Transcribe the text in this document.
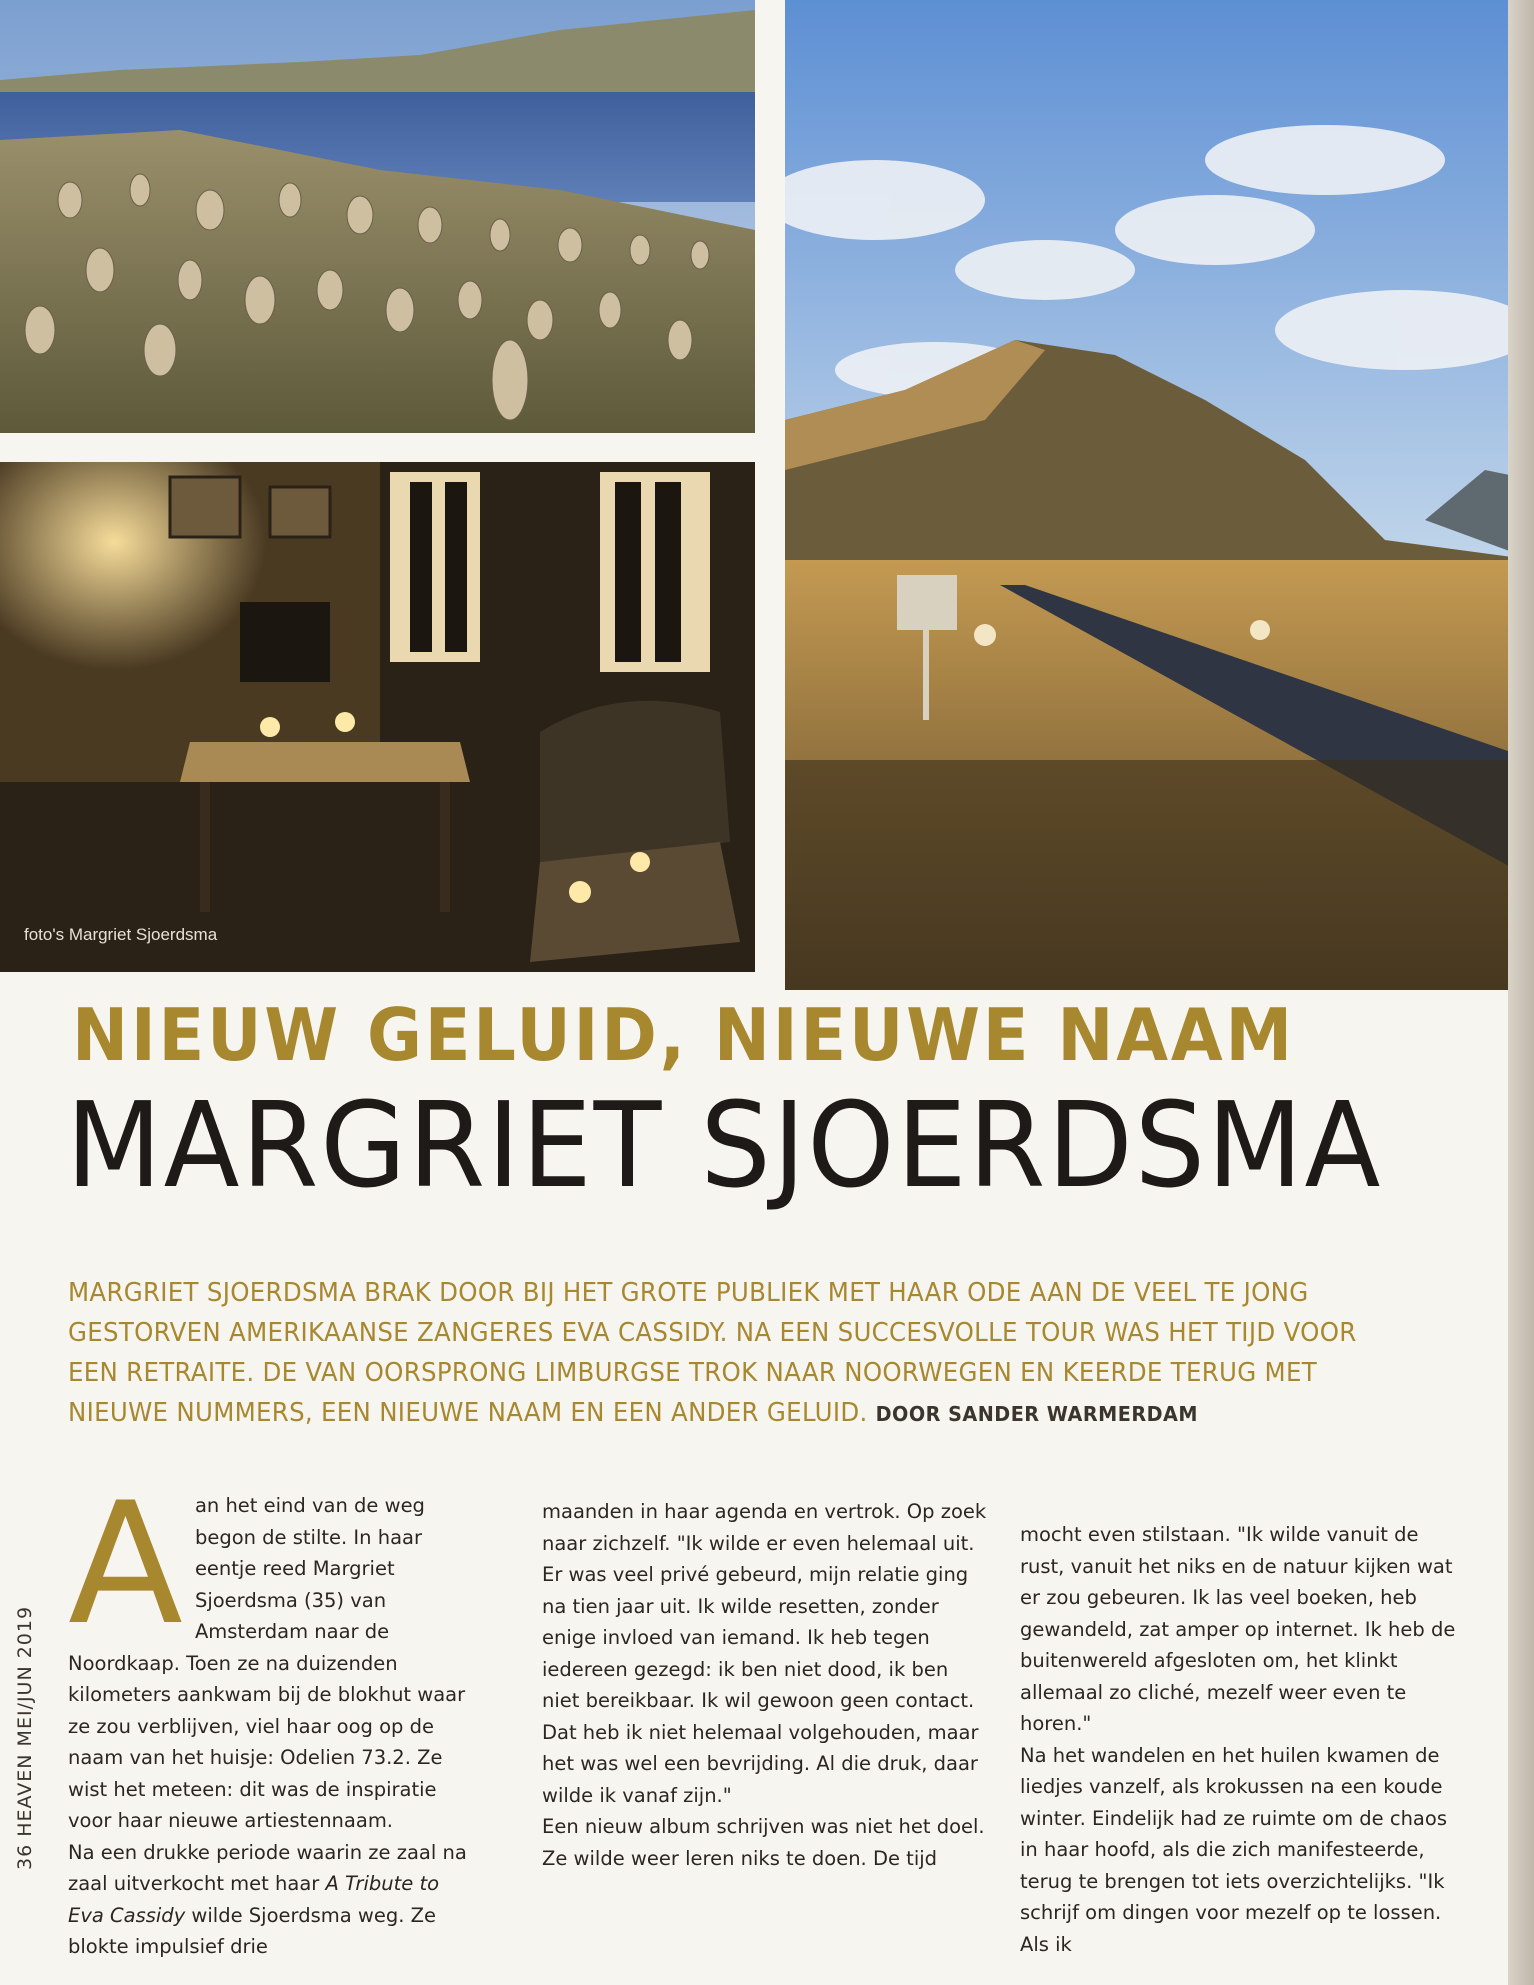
foto's Margriet Sjoerdsma
NIEUW GELUID, NIEUWE NAAM
MARGRIET SJOERDSMA
MARGRIET SJOERDSMA BRAK DOOR BIJ HET GROTE PUBLIEK MET HAAR ODE AAN DE VEEL TE JONG GESTORVEN AMERIKAANSE ZANGERES EVA CASSIDY. NA EEN SUCCESVOLLE TOUR WAS HET TIJD VOOR EEN RETRAITE. DE VAN OORSPRONG LIMBURGSE TROK NAAR NOORWEGEN EN KEERDE TERUG MET NIEUWE NUMMERS, EEN NIEUWE NAAM EN EEN ANDER GELUID. DOOR SANDER WARMERDAM

A an het eind van de weg begon de stilte. In haar eentje reed Margriet Sjoerdsma (35) van Amsterdam naar de Noordkaap. Toen ze na duizenden kilometers aankwam bij de blokhut waar ze zou verblijven, viel haar oog op de naam van het huisje: Odelien 73.2. Ze wist het meteen: dit was de inspiratie voor haar nieuwe artiestennaam.

Na een drukke periode waarin ze zaal na zaal uitverkocht met haar A Tribute to Eva Cassidy wilde Sjoerdsma weg. Ze blokte impulsief drie

maanden in haar agenda en vertrok. Op zoek naar zichzelf. "Ik wilde er even helemaal uit. Er was veel privé gebeurd, mijn relatie ging na tien jaar uit. Ik wilde resetten, zonder enige invloed van iemand. Ik heb tegen iedereen gezegd: ik ben niet dood, ik ben niet bereikbaar. Ik wil gewoon geen contact. Dat heb ik niet helemaal volgehouden, maar het was wel een bevrijding. Al die druk, daar wilde ik vanaf zijn."

Een nieuw album schrijven was niet het doel. Ze wilde weer leren niks te doen. De tijd

mocht even stilstaan. "Ik wilde vanuit de rust, vanuit het niks en de natuur kijken wat er zou gebeuren. Ik las veel boeken, heb gewandeld, zat amper op internet. Ik heb de buitenwereld afgesloten om, het klinkt allemaal zo cliché, mezelf weer even te horen."

Na het wandelen en het huilen kwamen de liedjes vanzelf, als krokussen na een koude winter. Eindelijk had ze ruimte om de chaos in haar hoofd, als die zich manifesteerde, terug te brengen tot iets overzichtelijks. "Ik schrijf om dingen voor mezelf op te lossen. Als ik

36 HEAVEN MEI/JUN 2019
